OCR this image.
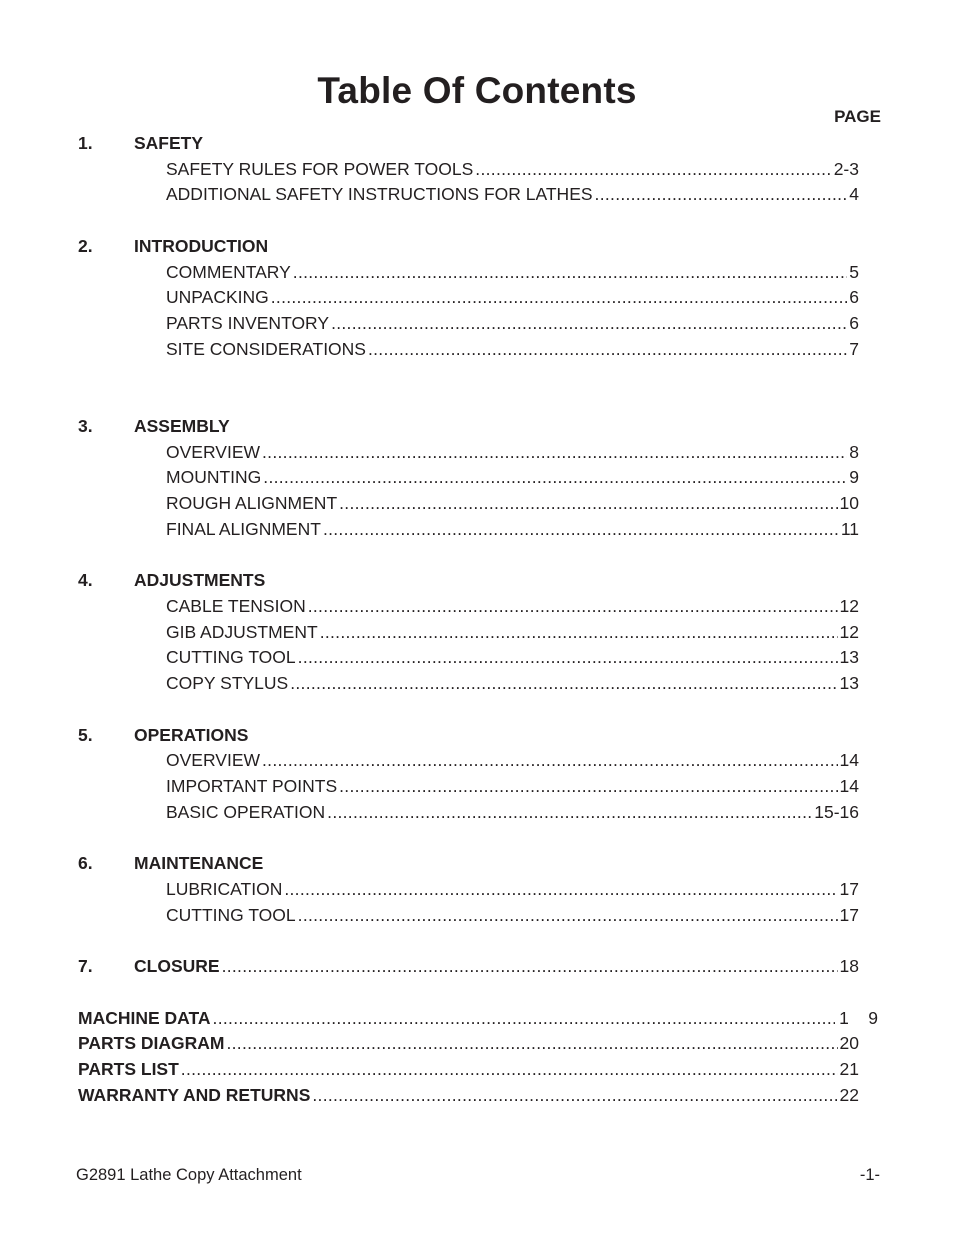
Table Of Contents
PAGE
1. SAFETY
SAFETY RULES FOR POWER TOOLS .....	2-3
ADDITIONAL SAFETY INSTRUCTIONS FOR LATHES .....	4
2. INTRODUCTION
COMMENTARY .....	5
UNPACKING .....	6
PARTS INVENTORY .....	6
SITE CONSIDERATIONS .....	7
3. ASSEMBLY
OVERVIEW .....	8
MOUNTING .....	9
ROUGH ALIGNMENT .....	10
FINAL ALIGNMENT .....	11
4. ADJUSTMENTS
CABLE TENSION .....	12
GIB ADJUSTMENT .....	12
CUTTING TOOL .....	13
COPY STYLUS .....	13
5. OPERATIONS
OVERVIEW .....	14
IMPORTANT POINTS .....	14
BASIC OPERATION .....	15-16
6. MAINTENANCE
LUBRICATION .....	17
CUTTING TOOL .....	17
7. CLOSURE .....	18
MACHINE DATA .....	1    9
PARTS DIAGRAM .....	20
PARTS LIST .....	21
WARRANTY AND RETURNS .....	22
G2891 Lathe Copy Attachment	-1-
